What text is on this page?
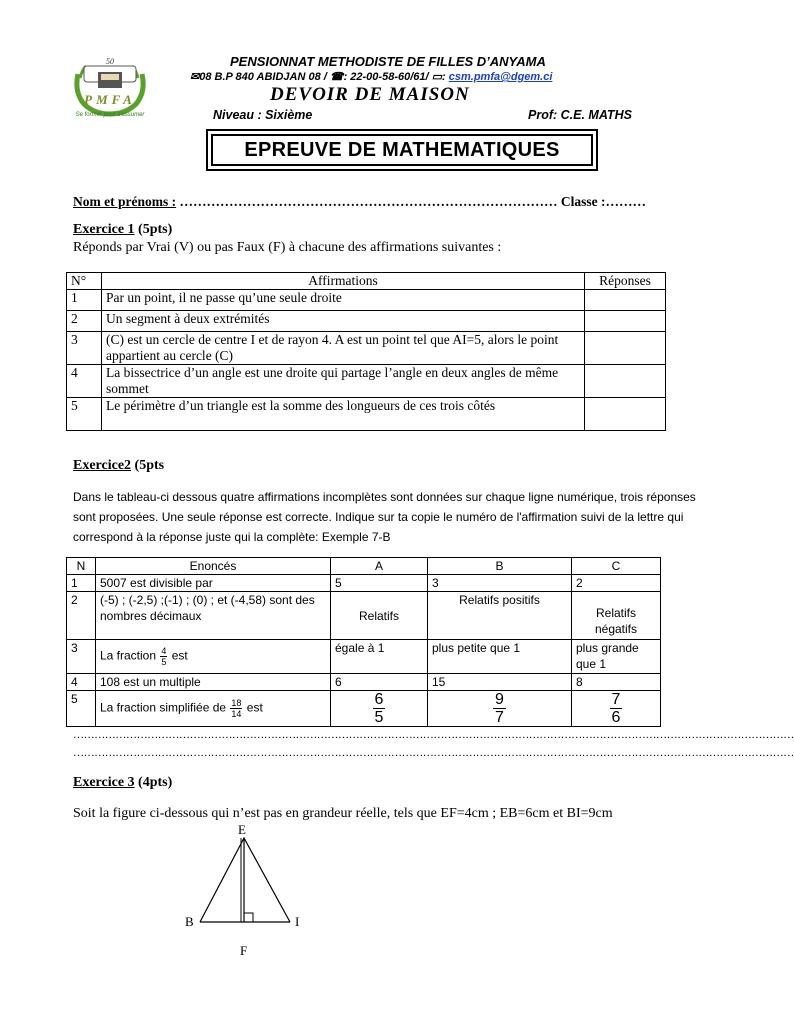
50
PMFA
Se former pour s'assumer
PENSIONNAT METHODISTE DE FILLES D’ANYAMA
✉08 B.P 840 ABIDJAN 08 / ☎: 22-00-58-60/61/ ▭: csm.pmfa@dgem.ci
DEVOIR DE MAISON
Niveau : Sixième	Prof: C.E. MATHS
EPREUVE DE MATHEMATIQUES
Nom et prénoms : ………………………………………………………………………… Classe :………
Exercice 1 (5pts)
Réponds par Vrai (V) ou pas Faux (F) à chacune des affirmations suivantes :
N°	Affirmations	Réponses
1	Par un point, il ne passe qu’une seule droite	
2	Un segment à deux extrémités	
3	(C) est un cercle de centre I et de rayon 4. A est un point tel que AI=5, alors le point appartient au cercle (C)	
4	La bissectrice d’un angle est une droite qui partage l’angle en deux angles de même sommet	
5	Le périmètre d’un triangle est la somme des longueurs de ces trois côtés	
Exercice2 (5pts
Dans le tableau-ci dessous quatre affirmations incomplètes sont données sur chaque ligne numérique, trois réponses sont proposées. Une seule réponse est correcte. Indique sur ta copie le numéro de l'affirmation suivi de la lettre qui correspond à la réponse juste qui la complète: Exemple 7-B
N	Enoncés	A	B	C
1	5007 est divisible par	5	3	2
2	(-5) ; (-2,5) ;(-1) ; (0) ; et (-4,58) sont des nombres décimaux	Relatifs	Relatifs positifs	Relatifs négatifs
3	La fraction $\frac{4}{5}$ est	égale à 1	plus petite que 1	plus grande que 1
4	108 est un multiple	6	15	8
5	La fraction simplifiée de $\frac{18}{14}$ est	$\frac{6}{5}$	$\frac{9}{7}$	$\frac{7}{6}$
……………………………………………………………………………………………………………………………………………………………………………………
……………………………………………………………………………………………………………………………………………………………………………………
Exercice 3 (4pts)
Soit la figure ci-dessous qui n’est pas en grandeur réelle, tels que EF=4cm ; EB=6cm et BI=9cm
E
B	I
F
